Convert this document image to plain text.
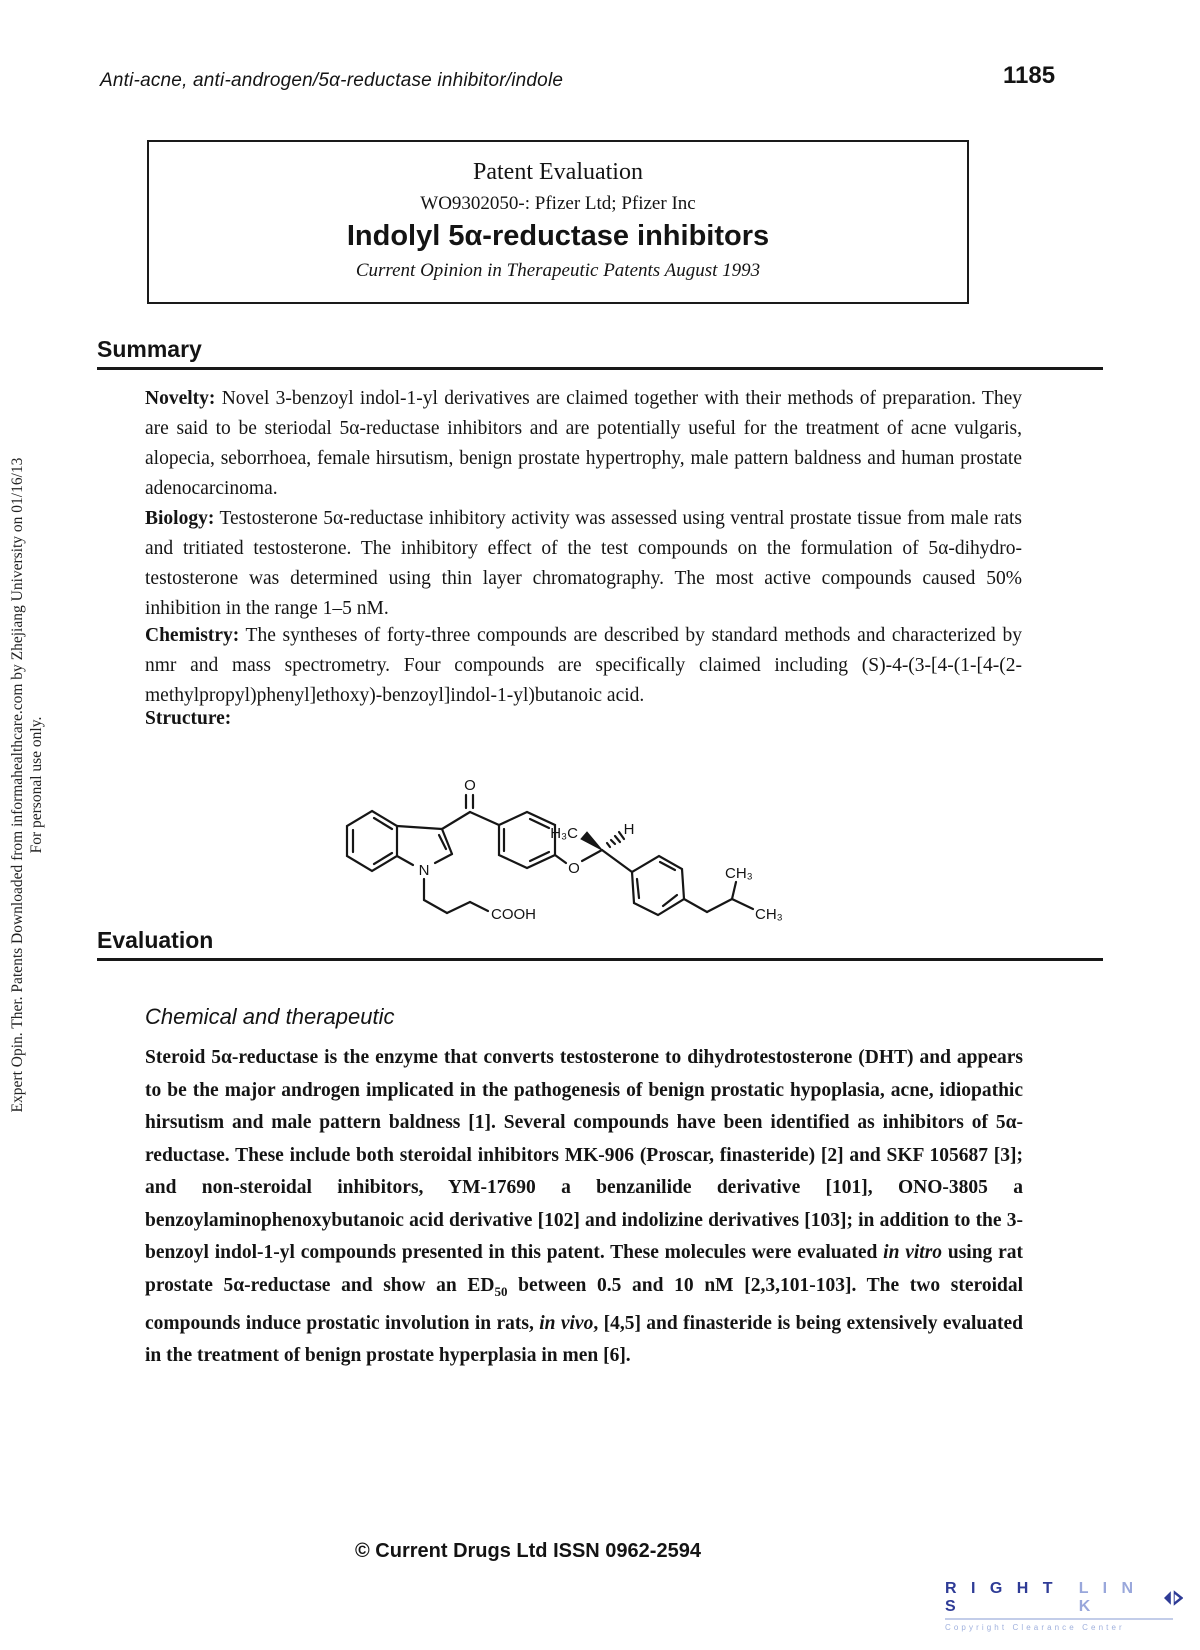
Anti-acne, anti-androgen/5α-reductase inhibitor/indole	1185
Patent Evaluation
WO9302050-: Pfizer Ltd; Pfizer Inc
Indolyl 5α-reductase inhibitors
Current Opinion in Therapeutic Patents August 1993
Summary
Novelty: Novel 3-benzoyl indol-1-yl derivatives are claimed together with their methods of preparation. They are said to be steriodal 5α-reductase inhibitors and are potentially useful for the treatment of acne vulgaris, alopecia, seborrhoea, female hirsutism, benign prostate hypertrophy, male pattern baldness and human prostate adenocarcinoma.
Biology: Testosterone 5α-reductase inhibitory activity was assessed using ventral prostate tissue from male rats and tritiated testosterone. The inhibitory effect of the test compounds on the formulation of 5α-dihydro-testosterone was determined using thin layer chromatography. The most active compounds caused 50% inhibition in the range 1–5 nM.
Chemistry: The syntheses of forty-three compounds are described by standard methods and characterized by nmr and mass spectrometry. Four compounds are specifically claimed including (S)-4-(3-[4-(1-[4-(2-methylpropyl)phenyl]ethoxy)-benzoyl]indol-1-yl)butanoic acid.
Structure:
N
O
O
H₃C	H
CH₃
CH₃
COOH
Evaluation
Chemical and therapeutic
Steroid 5α-reductase is the enzyme that converts testosterone to dihydrotestosterone (DHT) and appears to be the major androgen implicated in the pathogenesis of benign prostatic hypoplasia, acne, idiopathic hirsutism and male pattern baldness [1]. Several compounds have been identified as inhibitors of 5α-reductase. These include both steroidal inhibitors MK-906 (Proscar, finasteride) [2] and SKF 105687 [3]; and non-steroidal inhibitors, YM-17690 a benzanilide derivative [101], ONO-3805 a benzoylaminophenoxybutanoic acid derivative [102] and indolizine derivatives [103]; in addition to the 3-benzoyl indol-1-yl compounds presented in this patent. These molecules were evaluated in vitro using rat prostate 5α-reductase and show an $ED_{50}$ between 0.5 and 10 nM [2,3,101-103]. The two steroidal compounds induce prostatic involution in rats, in vivo, [4,5] and finasteride is being extensively evaluated in the treatment of benign prostate hyperplasia in men [6].
© Current Drugs Ltd ISSN 0962-2594
R I G H T S
L I N K
Copyright Clearance Center
Expert Opin. Ther. Patents Downloaded from informahealthcare.com by Zhejiang University on 01/16/13 For personal use only.
